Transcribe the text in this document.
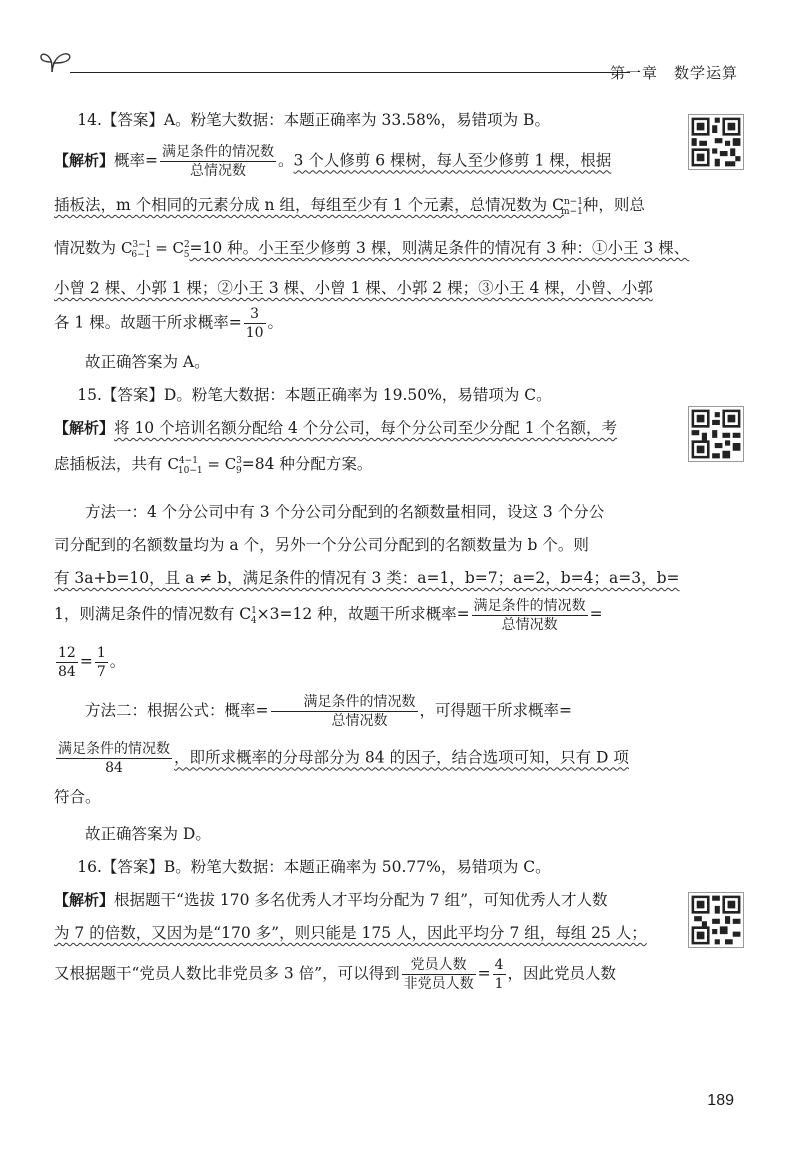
第一章　数学运算

14.【答案】A。粉笔大数据：本题正确率为 33.58%，易错项为 B。

【解析】概率= $\frac{\text{满足条件的情况数}}{\text{总情况数}}$ 。3 个人修剪 6 棵树，每人至少修剪 1 棵，根据

插板法，m 个相同的元素分成 n 组，每组至少有 1 个元素，总情况数为 $C^{n-1}_{m-1}$种，则总

情况数为 $C^{3-1}_{6-1} = C^2_5=10$ 种。小王至少修剪 3 棵，则满足条件的情况有 3 种：①小王 3 棵、

小曾 2 棵、小郭 1 棵；②小王 3 棵、小曾 1 棵、小郭 2 棵；③小王 4 棵，小曾、小郭

各 1 棵。故题干所求概率= $\frac{3}{10}$ 。

故正确答案为 A。

15.【答案】D。粉笔大数据：本题正确率为 19.50%，易错项为 C。

【解析】将 10 个培训名额分配给 4 个分公司，每个分公司至少分配 1 个名额，考

虑插板法，共有 $C^{4-1}_{10-1} = C^3_9=84$ 种分配方案。

方法一：4 个分公司中有 3 个分公司分配到的名额数量相同，设这 3 个分公

司分配到的名额数量均为 a 个，另外一个分公司分配到的名额数量为 b 个。则

有 3a+b=10，且 a ≠ b，满足条件的情况有 3 类：a=1，b=7；a=2，b=4；a=3，b=

1，则满足条件的情况数有 $C^1_4\times 3=12$ 种，故题干所求概率= $\frac{\text{满足条件的情况数}}{\text{总情况数}}$ =

$\frac{12}{84} = \frac{1}{7}$ 。

方法二：根据公式：概率= $\frac{\text{满足条件的情况数}}{\text{总情况数}}$ ，可得题干所求概率=

$\frac{\text{满足条件的情况数}}{84}$ ，即所求概率的分母部分为 84 的因子，结合选项可知，只有 D 项

符合。

故正确答案为 D。

16.【答案】B。粉笔大数据：本题正确率为 50.77%，易错项为 C。

【解析】根据题干“选拔 170 多名优秀人才平均分配为 7 组”，可知优秀人才人数

为 7 的倍数，又因为是“170 多”，则只能是 175 人，因此平均分 7 组，每组 25 人；

又根据题干“党员人数比非党员多 3 倍”，可以得到 $\frac{\text{党员人数}}{\text{非党员人数}} = \frac{4}{1}$ ，因此党员人数

189
